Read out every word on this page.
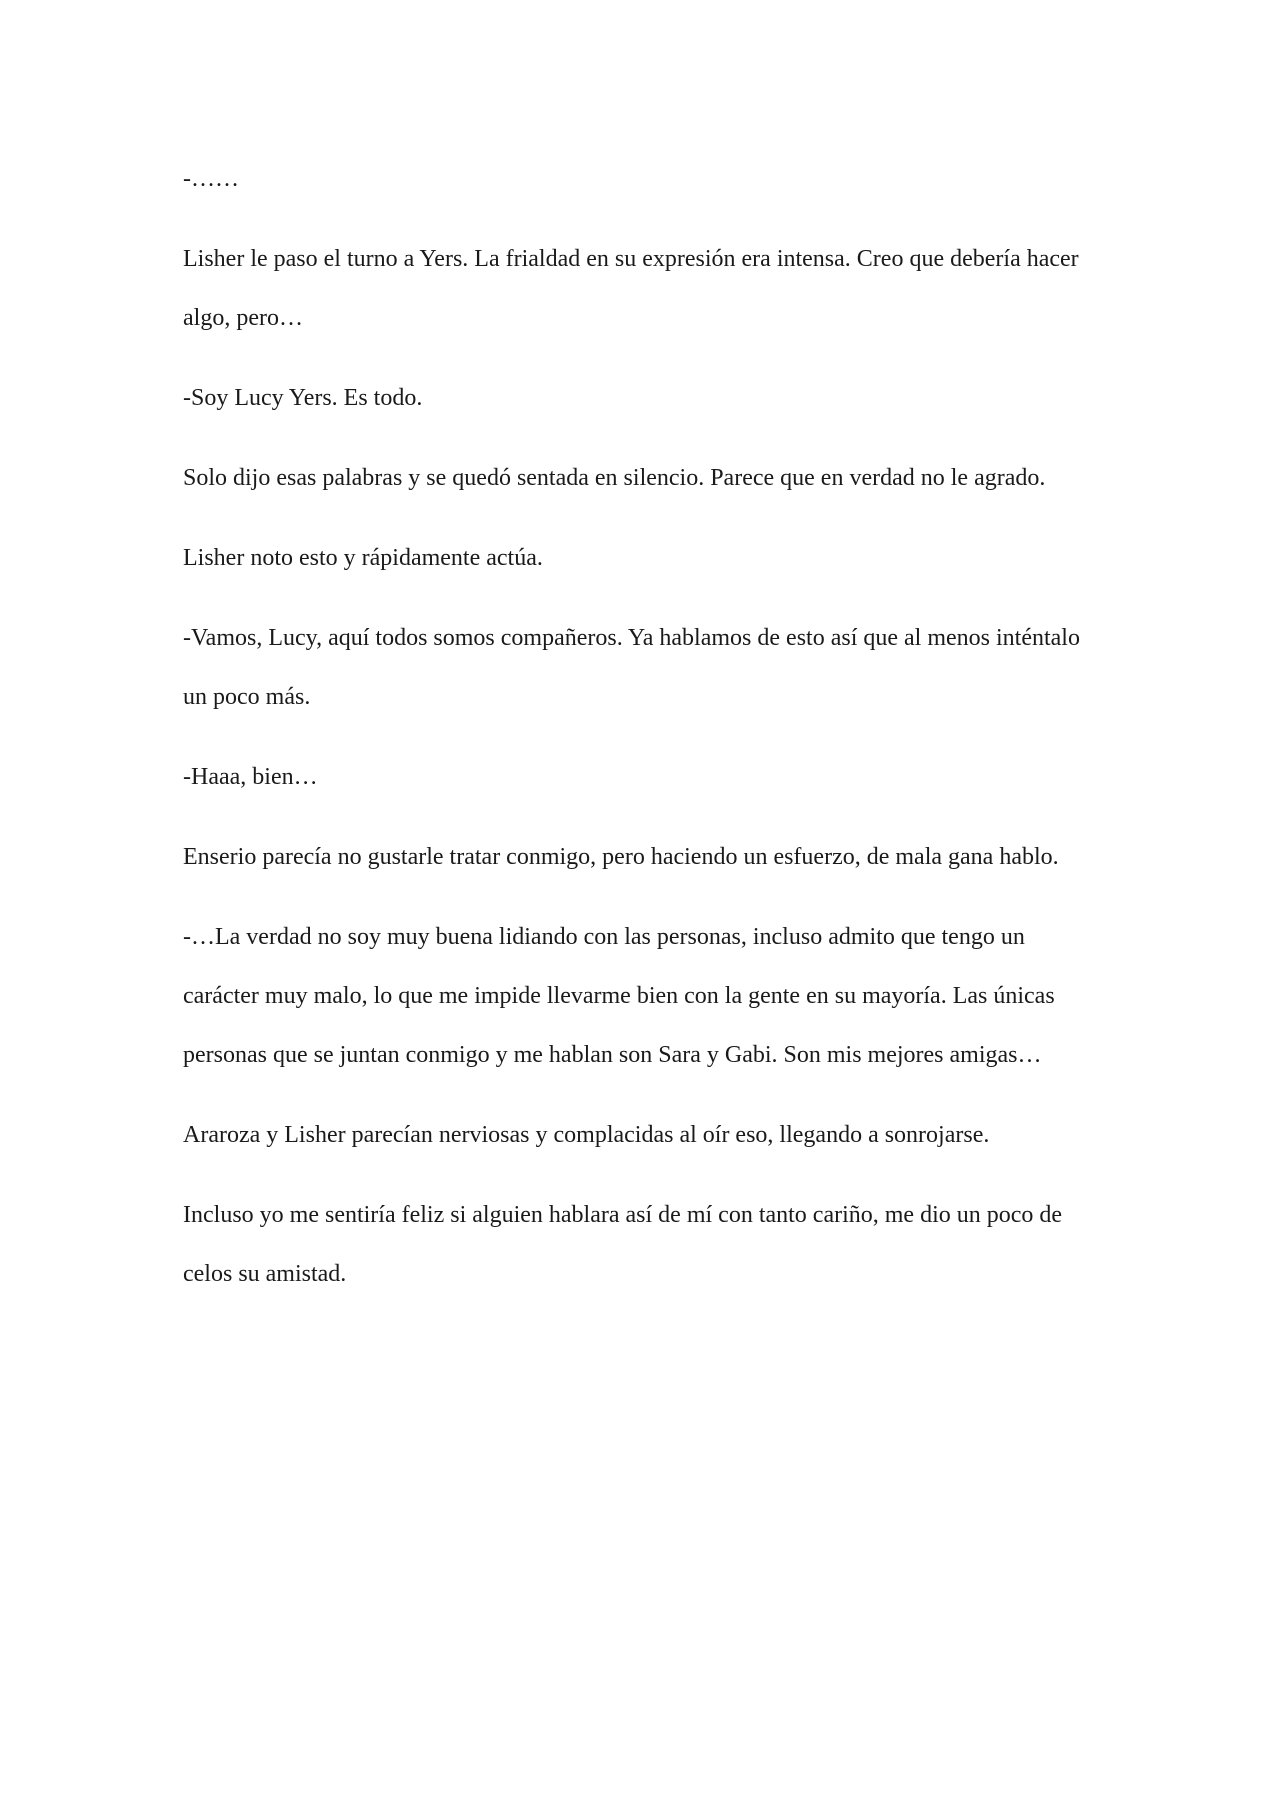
-……

Lisher le paso el turno a Yers. La frialdad en su expresión era intensa. Creo que debería hacer algo, pero…

-Soy Lucy Yers. Es todo.

Solo dijo esas palabras y se quedó sentada en silencio. Parece que en verdad no le agrado.

Lisher noto esto y rápidamente actúa.

-Vamos, Lucy, aquí todos somos compañeros. Ya hablamos de esto así que al menos inténtalo un poco más.

-Haaa, bien…

Enserio parecía no gustarle tratar conmigo, pero haciendo un esfuerzo, de mala gana hablo.

-…La verdad no soy muy buena lidiando con las personas, incluso admito que tengo un carácter muy malo, lo que me impide llevarme bien con la gente en su mayoría. Las únicas personas que se juntan conmigo y me hablan son Sara y Gabi. Son mis mejores amigas…

Araroza y Lisher parecían nerviosas y complacidas al oír eso, llegando a sonrojarse.

Incluso yo me sentiría feliz si alguien hablara así de mí con tanto cariño, me dio un poco de celos su amistad.
